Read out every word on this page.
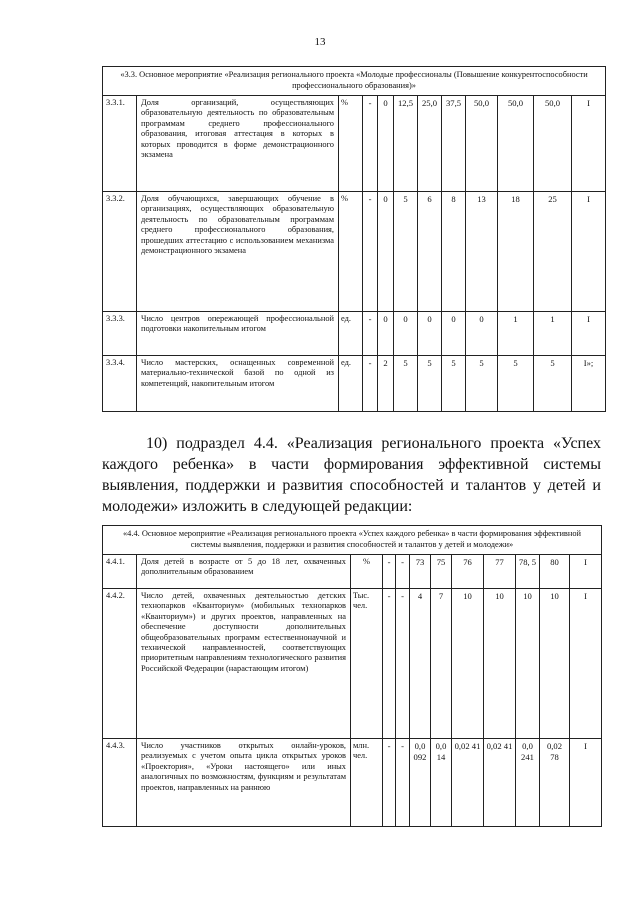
13
«3.3. Основное мероприятие «Реализация регионального проекта «Молодые профессионалы (Повышение конкурентоспособности профессионального образования)»											
3.3.1.	Доля организаций, осуществляющих образовательную деятельность по образовательным программам среднего профессионального образования, итоговая аттестация в которых в которых проводится в форме демонстрационного экзамена	%	-	0	12,5	25,0	37,5	50,0	50,0	50,0	I
3.3.2.	Доля обучающихся, завершающих обучение в организациях, осуществляющих образовательную деятельность по образовательным программам среднего профессионального образования, прошедших аттестацию с использованием механизма демонстрационного экзамена	%	-	0	5	6	8	13	18	25	I
3.3.3.	Число центров опережающей профессиональной подготовки накопительным итогом	ед.	-	0	0	0	0	0	1	1	I
3.3.4.	Число мастерских, оснащенных современной материально-технической базой по одной из компетенций, накопительным итогом	ед.	-	2	5	5	5	5	5	5	I»;

10) подраздел 4.4. «Реализация регионального проекта «Успех каждого ребенка» в части формирования эффективной системы выявления, поддержки и развития способностей и талантов у детей и молодежи» изложить в следующей редакции:

«4.4. Основное мероприятие «Реализация регионального проекта «Успех каждого ребенка» в части формирования эффективной системы выявления, поддержки и развития способностей и талантов у детей и молодежи»											
4.4.1.	Доля детей в возрасте от 5 до 18 лет, охваченных дополнительным образованием	%	-	-	73	75	76	77	78, 5	80	I
4.4.2.	Число детей, охваченных деятельностью детских технопарков «Кванториум» (мобильных технопарков «Кванториум») и других проектов, направленных на обеспечение доступности дополнительных общеобразовательных программ естественнонаучной и технической направленностей, соответствующих приоритетным направлениям технологического развития Российской Федерации (нарастающим итогом)	Тыс. чел.	-	-	4	7	10	10	10	10	I
4.4.3.	Число участников открытых онлайн-уроков, реализуемых с учетом опыта цикла открытых уроков «Проектория», «Уроки настоящего» или иных аналогичных по возможностям, функциям и результатам проектов, направленных на раннюю	млн. чел.	-	-	0,0 092	0,0 14	0,02 41	0,02 41	0,0 241	0,02 78	I
